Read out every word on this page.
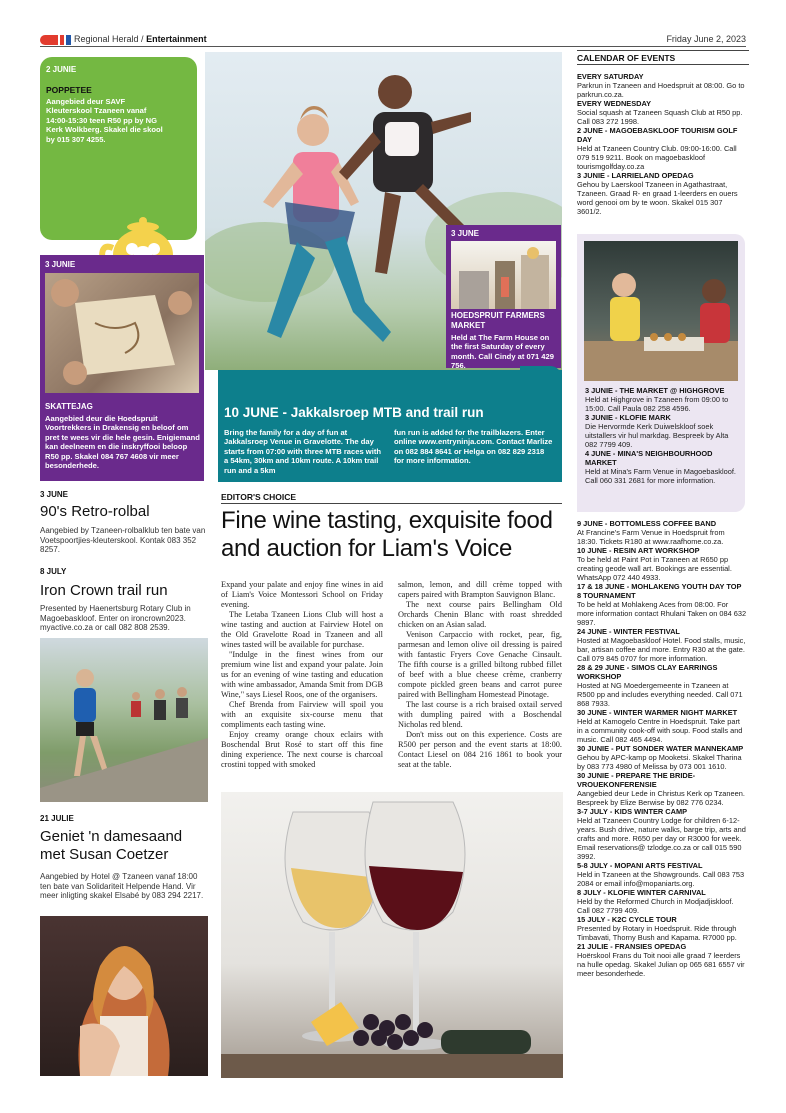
Regional Herald / Entertainment	Friday June 2, 2023
2 JUNIE
POPPETEE
Aangebied deur SAVF Kleuterskool Tzaneen vanaf 14:00-15:30 teen R50 pp by NG Kerk Wolkberg. Skakel die skool by 015 307 4255.
3 JUNIE
SKATTEJAG
Aangebied deur die Hoedspruit Voortrekkers in Drakensig en beloof om pret te wees vir die hele gesin. Enigiemand kan deelneem en die inskryffooi beloop R50 pp. Skakel 084 767 4608 vir meer besonderhede.
3 JUNE
HOEDSPRUIT FARMERS MARKET
Held at The Farm House on the first Saturday of every month. Call Cindy at 071 429 756.
10 JUNE - Jakkalsroep MTB and trail run
Bring the family for a day of fun at Jakkalsroep Venue in Gravelotte. The day starts from 07:00 with three MTB races with a 54km, 30km and 10km route. A 10km trail run and a 5km
fun run is added for the trailblazers. Enter online www.entryninja.com. Contact Marlize on 082 884 8641 or Helga on 082 829 2318 for more information.
3 JUNE
90's Retro-rolbal
Aangebied by Tzaneen-rolbalklub ten bate van Voetspoortjies-kleuterskool. Kontak 083 352 8257.
8 JULY
Iron Crown trail run
Presented by Haenertsburg Rotary Club in Magoebaskloof. Enter on ironcrown2023. myactive.co.za or call 082 808 2539.
21 JULIE
Geniet 'n damesaand met Susan Coetzer
Aangebied by Hotel @ Tzaneen vanaf 18:00 ten bate van Solidariteit Helpende Hand. Vir meer inligting skakel Elsabé by 083 294 2217.
EDITOR'S CHOICE
Fine wine tasting, exquisite food and auction for Liam's Voice
Expand your palate and enjoy fine wines in aid of Liam's Voice Montessori School on Friday evening.
The Letaba Tzaneen Lions Club will host a wine tasting and auction at Fairview Hotel on the Old Gravelotte Road in Tzaneen and all wines tasted will be available for purchase.
"Indulge in the finest wines from our premium wine list and expand your palate. Join us for an evening of wine tasting and education with wine ambassador, Amanda Smit from DGB Wine," says Liesel Roos, one of the organisers.
Chef Brenda from Fairview will spoil you with an exquisite six-course menu that compliments each tasting wine.
Enjoy creamy orange choux eclairs with Boschendal Brut Rosé to start off this fine dining experience. The next course is charcoal crostini topped with smoked
salmon, lemon, and dill crème topped with capers paired with Brampton Sauvignon Blanc.
The next course pairs Bellingham Old Orchards Chenin Blanc with roast shredded chicken on an Asian salad.
Venison Carpaccio with rocket, pear, fig, parmesan and lemon olive oil dressing is paired with fantastic Fryers Cove Genache Cinsault. The fifth course is a grilled biltong rubbed fillet of beef with a blue cheese crème, cranberry compote pickled green beans and carrot puree paired with Bellingham Homestead Pinotage.
The last course is a rich braised oxtail served with dumpling paired with a Boschendal Nicholas red blend.
Don't miss out on this experience. Costs are R500 per person and the event starts at 18:00. Contact Liesel on 084 216 1861 to book your seat at the table.
CALENDAR OF EVENTS
EVERY SATURDAY
Parkrun in Tzaneen and Hoedspruit at 08:00. Go to parkrun.co.za.
EVERY WEDNESDAY
Social squash at Tzaneen Squash Club at R50 pp. Call 083 272 1998.
2 JUNE - MAGOEBASKLOOF TOURISM GOLF DAY
Held at Tzaneen Country Club. 09:00-16:00. Call 079 519 9211. Book on magoebaskloof tourismgolfday.co.za
3 JUNIE - LARRIELAND OPEDAG
Gehou by Laerskool Tzaneen in Agathastraat, Tzaneen. Graad R- en graad 1-leerders en ouers word genooi om by te woon. Skakel 015 307 3601/2.
3 JUNIE - THE MARKET @ HIGHGROVE
Held at Highgrove in Tzaneen from 09:00 to 15:00. Call Paula 082 258 4596.
3 JUNIE - KLOFIE MARK
Die Hervormde Kerk Duiwelskloof soek uitstallers vir hul markdag. Bespreek by Alta 082 7799 409.
4 JUNE - MINA'S NEIGHBOURHOOD MARKET
Held at Mina's Farm Venue in Magoebaskloof. Call 060 331 2681 for more information.
9 JUNE - BOTTOMLESS COFFEE BAND
At Francine's Farm Venue in Hoedspruit from 18:30. Tickets R180 at www.raafhome.co.za.
10 JUNE - RESIN ART WORKSHOP
To be held at Paint Pot in Tzaneen at R650 pp creating geode wall art. Bookings are essential. WhatsApp 072 440 4933.
17 & 18 JUNE - MOHLAKENG YOUTH DAY TOP 8 TOURNAMENT
To be held at Mohlakeng Aces from 08:00. For more information contact Rhulani Taken on 084 632 9897.
24 JUNE - WINTER FESTIVAL
Hosted at Magoebaskloof Hotel. Food stalls, music, bar, artisan coffee and more. Entry R30 at the gate. Call 079 845 0707 for more information.
28 & 29 JUNE - SIMOS CLAY EARRINGS WORKSHOP
Hosted at NG Moedergemeente in Tzaneen at R500 pp and includes everything needed. Call 071 868 7933.
30 JUNE - WINTER WARMER NIGHT MARKET
Held at Kamogelo Centre in Hoedspruit. Take part in a community cook-off with soup. Food stalls and music. Call 082 465 4494.
30 JUNIE - PUT SONDER WATER MANNEKAMP
Gehou by APC-kamp op Mooketsi. Skakel Tharina by 083 773 4980 of Melissa by 073 001 1610.
30 JUNIE - PREPARE THE BRIDE-VROUEKONFERENSIE
Aangebied deur Lede in Christus Kerk op Tzaneen. Bespreek by Elize Berwise by 082 776 0234.
3-7 JULY - KIDS WINTER CAMP
Held at Tzaneen Country Lodge for children 6-12-years. Bush drive, nature walks, barge trip, arts and crafts and more. R650 per day or R3000 for week. Email reservations@ tzlodge.co.za or call 015 590 3992.
5-8 JULY - MOPANI ARTS FESTIVAL
Held in Tzaneen at the Showgrounds. Call 083 753 2084 or email info@mopaniarts.org.
8 JULY - KLOFIE WINTER CARNIVAL
Held by the Reformed Church in Modjadjiskloof. Call 082 7799 409.
15 JULY - K2C CYCLE TOUR
Presented by Rotary in Hoedspruit. Ride through Timbavati, Thorny Bush and Kapama. R7000 pp.
21 JULIE - FRANSIES OPEDAG
Hoërskool Frans du Toit nooi alle graad 7 leerders na hulle opedag. Skakel Julian op 065 681 6557 vir meer besonderhede.
